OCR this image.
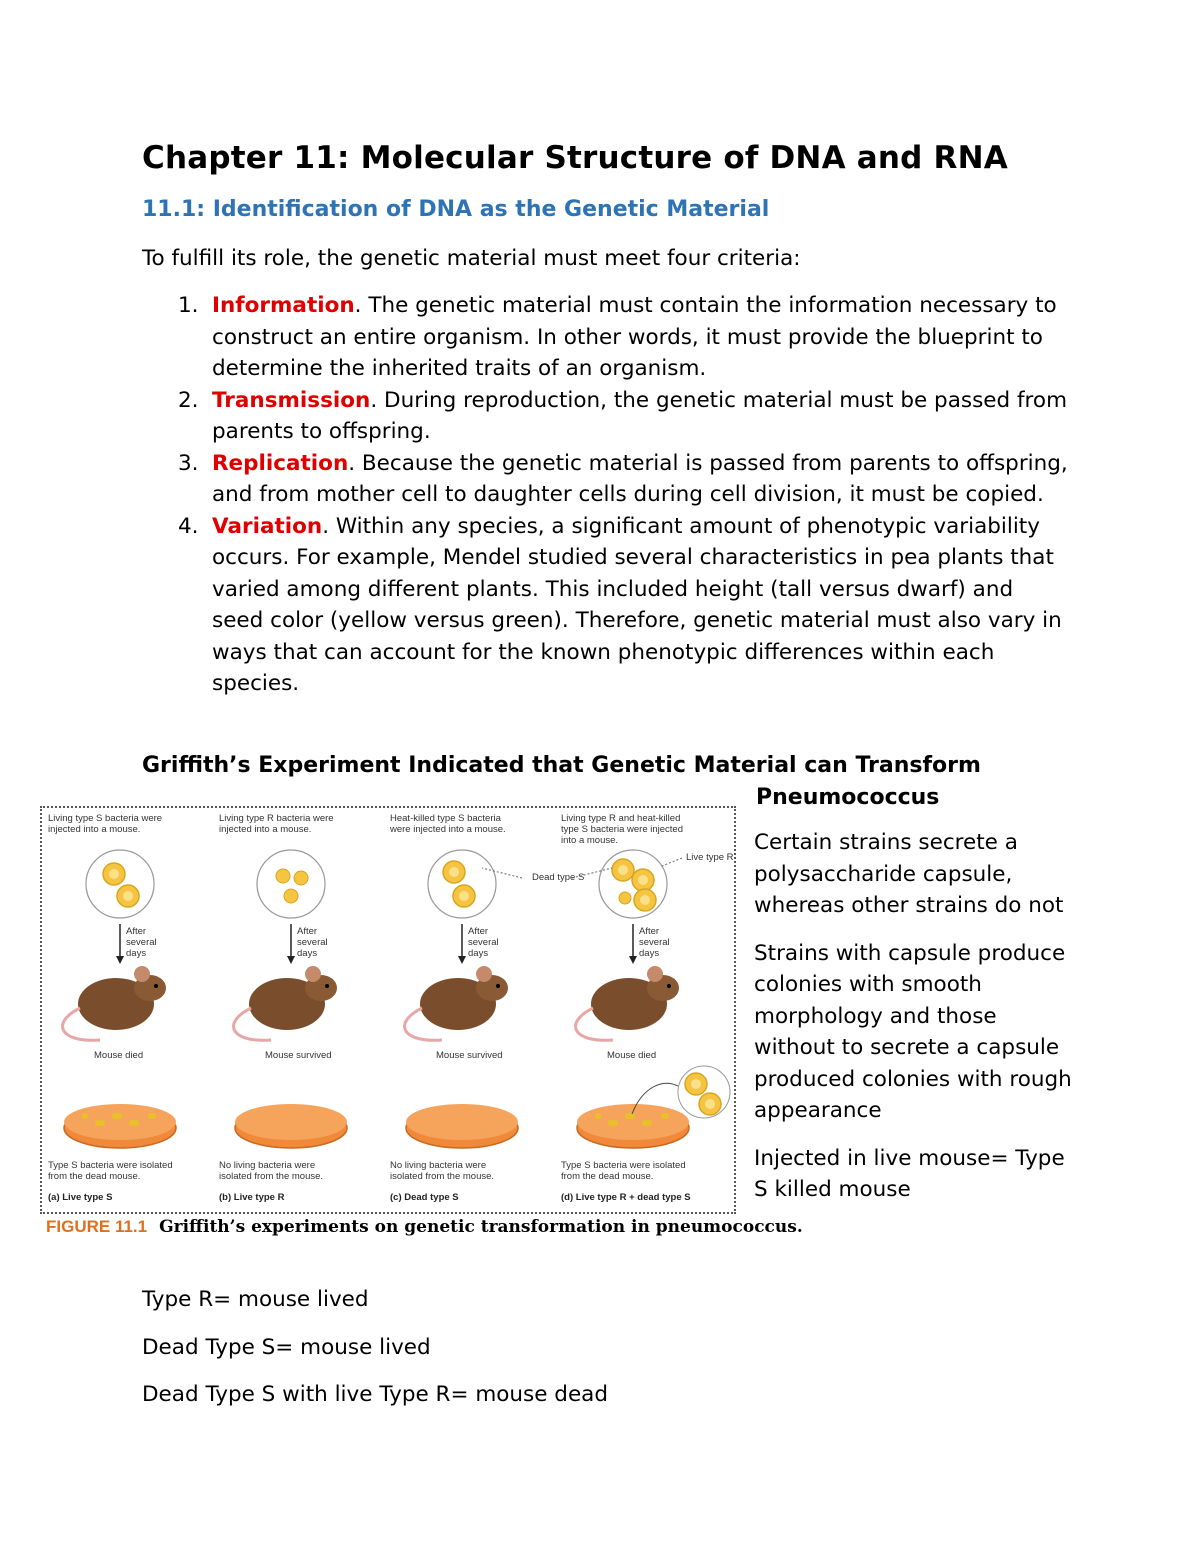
Chapter 11: Molecular Structure of DNA and RNA
11.1: Identification of DNA as the Genetic Material

To fulfill its role, the genetic material must meet four criteria:

1. Information. The genetic material must contain the information necessary to construct an entire organism. In other words, it must provide the blueprint to determine the inherited traits of an organism.
2. Transmission. During reproduction, the genetic material must be passed from parents to offspring.
3. Replication. Because the genetic material is passed from parents to offspring, and from mother cell to daughter cells during cell division, it must be copied.
4. Variation. Within any species, a significant amount of phenotypic variability occurs. For example, Mendel studied several characteristics in pea plants that varied among different plants. This included height (tall versus dwarf) and seed color (yellow versus green). Therefore, genetic material must also vary in ways that can account for the known phenotypic differences within each species.
Griffith’s Experiment Indicated that Genetic Material can Transform
Pneumococcus
Living type S bacteria were
injected into a mouse.
After
several
days
Mouse died
Type S bacteria were isolated
from the dead mouse.
(a) Live type S
Living type R bacteria were
injected into a mouse.
After
several
days
Mouse survived
No living bacteria were
isolated from the mouse.
(b) Live type R
Heat-killed type S bacteria
were injected into a mouse.
After
several
days
Mouse survived
No living bacteria were
isolated from the mouse.
(c) Dead type S
Living type R and heat-killed
type S bacteria were injected
into a mouse.
After
several
days
Mouse died
Type S bacteria were isolated
from the dead mouse.
(d) Live type R + dead type S
Dead type S
Live type R
FIGURE 11.1 Griffith’s experiments on genetic transformation in pneumococcus.

Certain strains secrete a polysaccharide capsule, whereas other strains do not

Strains with capsule produce colonies with smooth morphology and those without to secrete a capsule produced colonies with rough appearance

Injected in live mouse= Type S killed mouse

Type R= mouse lived

Dead Type S= mouse lived

Dead Type S with live Type R= mouse dead
